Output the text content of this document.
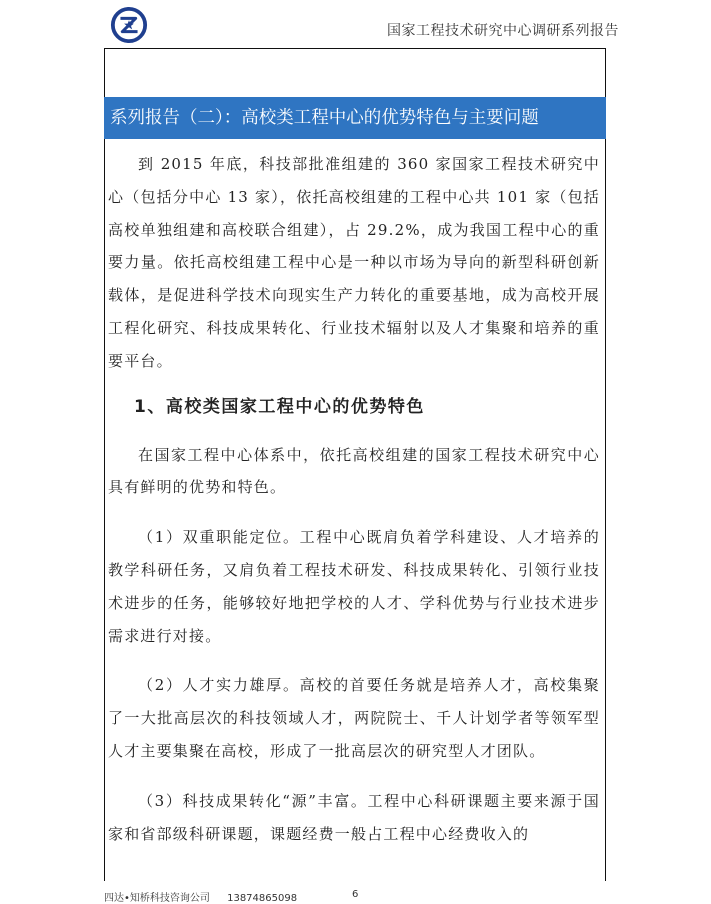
国家工程技术研究中心调研系列报告
系列报告（二）：高校类工程中心的优势特色与主要问题

到 2015 年底，科技部批准组建的 360 家国家工程技术研究中心（包括分中心 13 家），依托高校组建的工程中心共 101 家（包括高校单独组建和高校联合组建），占 29.2%，成为我国工程中心的重要力量。依托高校组建工程中心是一种以市场为导向的新型科研创新载体，是促进科学技术向现实生产力转化的重要基地，成为高校开展工程化研究、科技成果转化、行业技术辐射以及人才集聚和培养的重要平台。

1、高校类国家工程中心的优势特色

在国家工程中心体系中，依托高校组建的国家工程技术研究中心具有鲜明的优势和特色。

（1）双重职能定位。工程中心既肩负着学科建设、人才培养的教学科研任务，又肩负着工程技术研发、科技成果转化、引领行业技术进步的任务，能够较好地把学校的人才、学科优势与行业技术进步需求进行对接。

（2）人才实力雄厚。高校的首要任务就是培养人才，高校集聚了一大批高层次的科技领域人才，两院院士、千人计划学者等领军型人才主要集聚在高校，形成了一批高层次的研究型人才团队。

（3）科技成果转化“源”丰富。工程中心科研课题主要来源于国家和省部级科研课题，课题经费一般占工程中心经费收入的

四达•知桥科技咨询公司 13874865098	6
